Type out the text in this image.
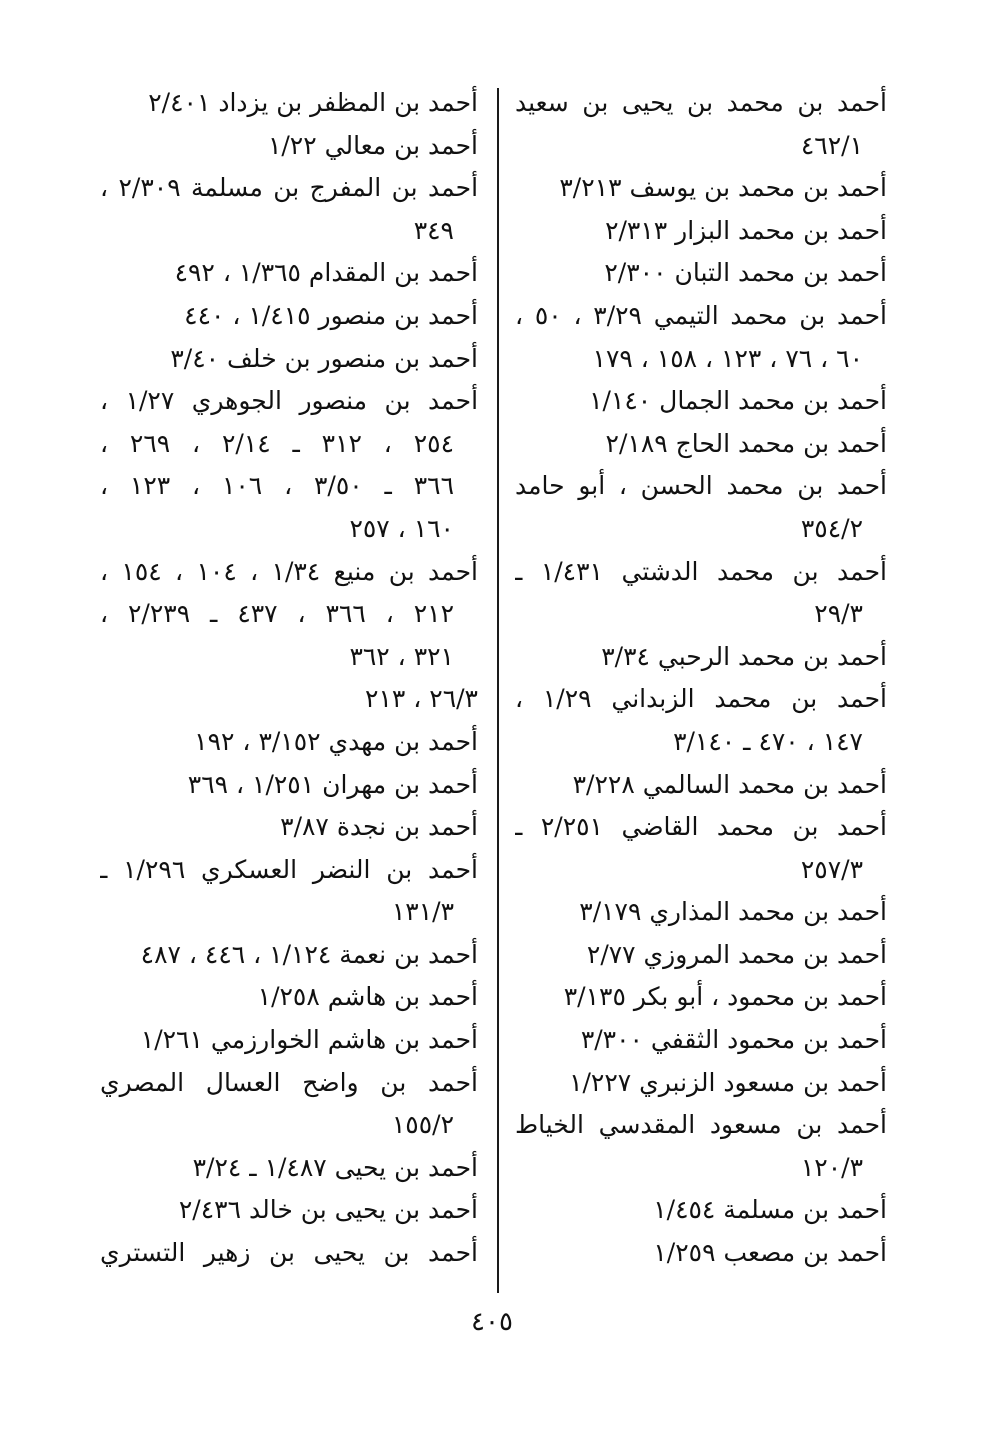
أحمد بن محمد بن يحيى بن سعيد
٤٦٢/١
أحمد بن محمد بن يوسف ٣/٢١٣
أحمد بن محمد البزار ٢/٣١٣
أحمد بن محمد التبان ٢/٣٠٠
أحمد بن محمد التيمي ٣/٢٩ ، ٥٠ ،
٦٠ ، ٧٦ ، ١٢٣ ، ١٥٨ ، ١٧٩
أحمد بن محمد الجمال ١/١٤٠
أحمد بن محمد الحاج ٢/١٨٩
أحمد بن محمد الحسن ، أبو حامد
٣٥٤/٢
أحمد بن محمد الدشتي ١/٤٣١ ـ
٢٩/٣
أحمد بن محمد الرحبي ٣/٣٤
أحمد بن محمد الزبداني ١/٢٩ ،
١٤٧ ، ٤٧٠ ـ ٣/١٤٠
أحمد بن محمد السالمي ٣/٢٢٨
أحمد بن محمد القاضي ٢/٢٥١ ـ
٢٥٧/٣
أحمد بن محمد المذاري ٣/١٧٩
أحمد بن محمد المروزي ٢/٧٧
أحمد بن محمود ، أبو بكر ٣/١٣٥
أحمد بن محمود الثقفي ٣/٣٠٠
أحمد بن مسعود الزنبري ١/٢٢٧
أحمد بن مسعود المقدسي الخياط
١٢٠/٣
أحمد بن مسلمة ١/٤٥٤
أحمد بن مصعب ١/٢٥٩
أحمد بن المظفر بن يزداد ٢/٤٠١
أحمد بن معالي ١/٢٢
أحمد بن المفرج بن مسلمة ٢/٣٠٩ ،
٣٤٩
أحمد بن المقدام ١/٣٦٥ ، ٤٩٢
أحمد بن منصور ١/٤١٥ ، ٤٤٠
أحمد بن منصور بن خلف ٣/٤٠
أحمد بن منصور الجوهري ١/٢٧ ،
٢٥٤ ، ٣١٢ ـ ٢/١٤ ، ٢٦٩ ،
٣٦٦ ـ ٣/٥٠ ، ١٠٦ ، ١٢٣ ،
١٦٠ ، ٢٥٧
أحمد بن منيع ١/٣٤ ، ١٠٤ ، ١٥٤ ،
٢١٢ ، ٣٦٦ ، ٤٣٧ ـ ٢/٢٣٩ ،
٣٢١ ، ٣٦٢
٢٦/٣ ، ٢١٣
أحمد بن مهدي ٣/١٥٢ ، ١٩٢
أحمد بن مهران ١/٢٥١ ، ٣٦٩
أحمد بن نجدة ٣/٨٧
أحمد بن النضر العسكري ١/٢٩٦ ـ
١٣١/٣
أحمد بن نعمة ١/١٢٤ ، ٤٤٦ ، ٤٨٧
أحمد بن هاشم ١/٢٥٨
أحمد بن هاشم الخوارزمي ١/٢٦١
أحمد بن واضح العسال المصري
١٥٥/٢
أحمد بن يحيى ١/٤٨٧ ـ ٣/٢٤
أحمد بن يحيى بن خالد ٢/٤٣٦
أحمد بن يحيى بن زهير التستري
٤٠٥
